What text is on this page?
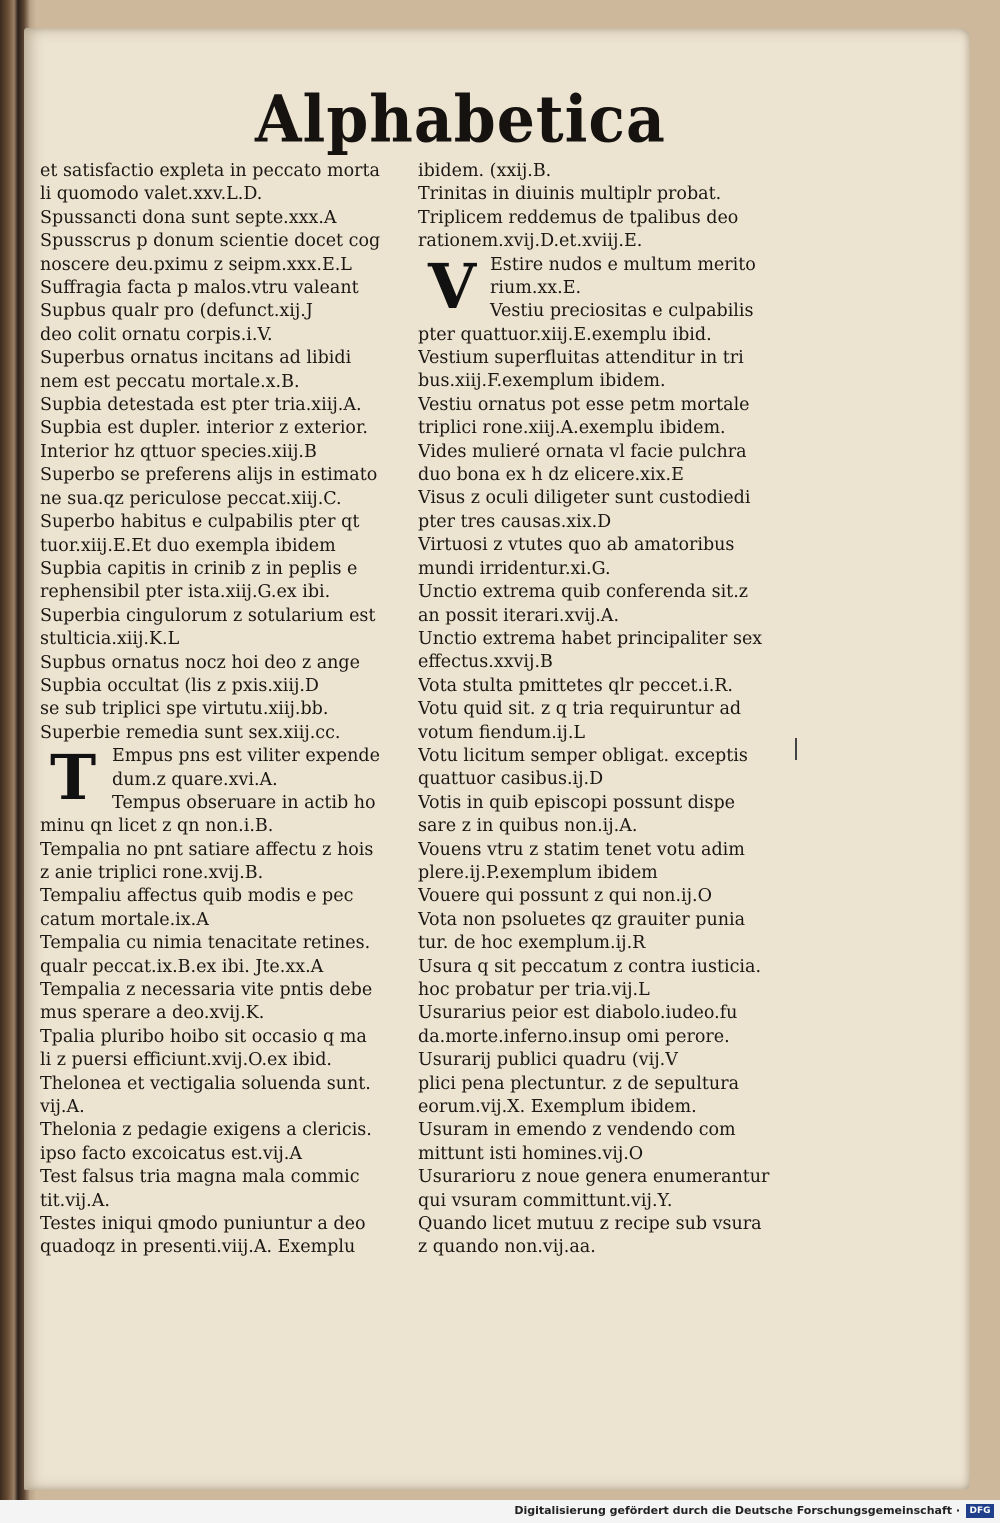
Alphabetica
et satisfactio expleta in peccato morta
li quomodo valet.xxv.L.D.
Spussancti dona sunt septe.xxx.A
Spusscrus p donum scientie docet cog
noscere deu.pximu z seipm.xxx.E.L
Suffragia facta p malos.vtru valeant
Supbus qualr pro (defunct.xij.J
deo colit ornatu corpis.i.V.
Superbus ornatus incitans ad libidi
nem est peccatu mortale.x.B.
Supbia detestada est pter tria.xiij.A.
Supbia est dupler. interior z exterior.
Interior hz qttuor species.xiij.B
Superbo se preferens alijs in estimato
ne sua.qz periculose peccat.xiij.C.
Superbo habitus e culpabilis pter qt
tuor.xiij.E.Et duo exempla ibidem
Supbia capitis in crinib z in peplis e
rephensibil pter ista.xiij.G.ex ibi.
Superbia cingulorum z sotularium est
stulticia.xiij.K.L
Supbus ornatus nocz hoi deo z ange
Supbia occultat (lis z pxis.xiij.D
se sub triplici spe virtutu.xiij.bb.
Superbie remedia sunt sex.xiij.cc.
T Empus pns est viliter expende
dum.z quare.xvi.A.
Tempus obseruare in actib ho
minu qn licet z qn non.i.B.
Tempalia no pnt satiare affectu z hois
z anie triplici rone.xvij.B.
Tempaliu affectus quib modis e pec
catum mortale.ix.A
Tempalia cu nimia tenacitate retines.
qualr peccat.ix.B.ex ibi. Jte.xx.A
Tempalia z necessaria vite pntis debe
mus sperare a deo.xvij.K.
Tpalia pluribo hoibo sit occasio q ma
li z puersi efficiunt.xvij.O.ex ibid.
Thelonea et vectigalia soluenda sunt.
vij.A.
Thelonia z pedagie exigens a clericis.
ipso facto excoicatus est.vij.A
Test falsus tria magna mala commic
tit.vij.A.
Testes iniqui qmodo puniuntur a deo
quadoqz in presenti.viij.A. Exemplu
ibidem. (xxij.B.
Trinitas in diuinis multiplr probat.
Triplicem reddemus de tpalibus deo
rationem.xvij.D.et.xviij.E.
V Estire nudos e multum merito
rium.xx.E.
Vestiu preciositas e culpabilis
pter quattuor.xiij.E.exemplu ibid.
Vestium superfluitas attenditur in tri
bus.xiij.F.exemplum ibidem.
Vestiu ornatus pot esse petm mortale
triplici rone.xiij.A.exemplu ibidem.
Vides mulieré ornata vl facie pulchra
duo bona ex h dz elicere.xix.E
Visus z oculi diligeter sunt custodiedi
pter tres causas.xix.D
Virtuosi z vtutes quo ab amatoribus
mundi irridentur.xi.G.
Unctio extrema quib conferenda sit.z
an possit iterari.xvij.A.
Unctio extrema habet principaliter sex
effectus.xxvij.B
Vota stulta pmittetes qlr peccet.i.R.
Votu quid sit. z q tria requiruntur ad
votum fiendum.ij.L
Votu licitum semper obligat. exceptis
quattuor casibus.ij.D
Votis in quib episcopi possunt dispe
sare z in quibus non.ij.A.
Vouens vtru z statim tenet votu adim
plere.ij.P.exemplum ibidem
Vouere qui possunt z qui non.ij.O
Vota non psoluetes qz grauiter punia
tur. de hoc exemplum.ij.R
Usura q sit peccatum z contra iusticia.
hoc probatur per tria.vij.L
Usurarius peior est diabolo.iudeo.fu
da.morte.inferno.insup omi perore.
Usurarij publici quadru (vij.V
plici pena plectuntur. z de sepultura
eorum.vij.X. Exemplum ibidem.
Usuram in emendo z vendendo com
mittunt isti homines.vij.O
Usurarioru z noue genera enumerantur
qui vsuram committunt.vij.Y.
Quando licet mutuu z recipe sub vsura
z quando non.vij.aa.
Digitalisierung gefördert durch die Deutsche Forschungsgemeinschaft ·	DFG
